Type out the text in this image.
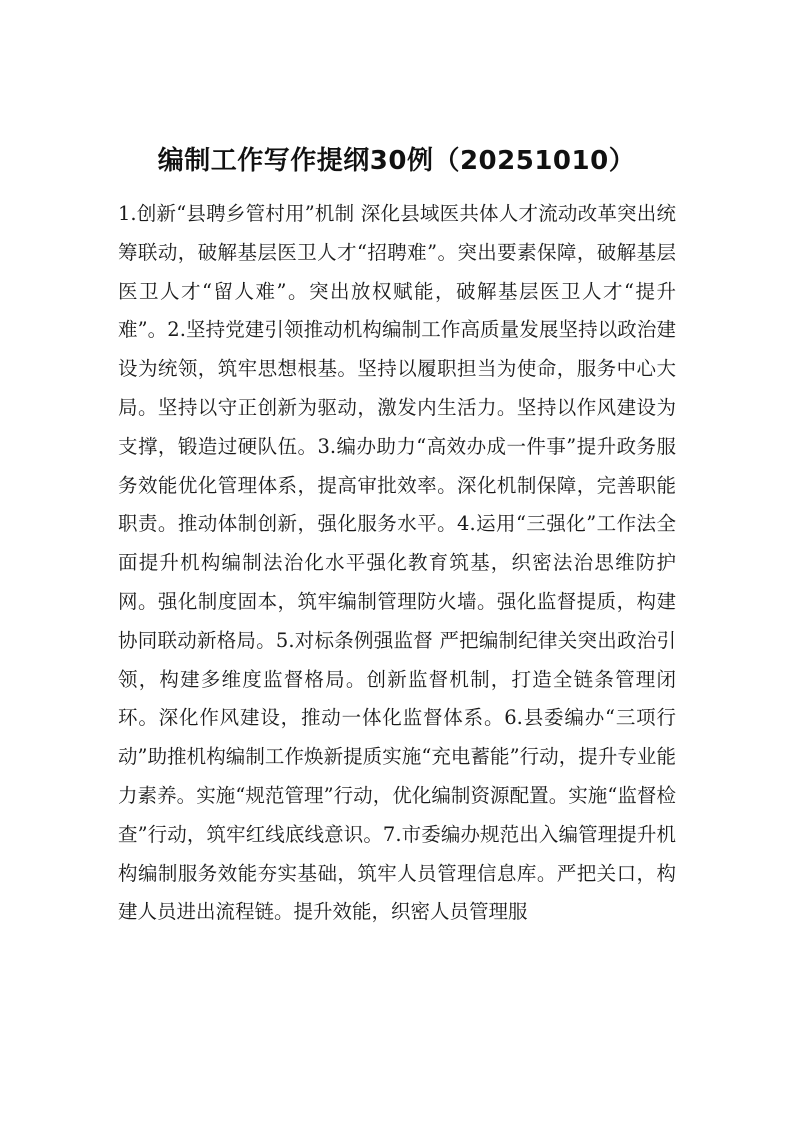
编制工作写作提纲30例（20251010）

1.创新“县聘乡管村用”机制 深化县域医共体人才流动改革突出统筹联动，破解基层医卫人才“招聘难”。突出要素保障，破解基层医卫人才“留人难”。突出放权赋能，破解基层医卫人才“提升难”。2.坚持党建引领推动机构编制工作高质量发展坚持以政治建设为统领，筑牢思想根基。坚持以履职担当为使命，服务中心大局。坚持以守正创新为驱动，激发内生活力。坚持以作风建设为支撑，锻造过硬队伍。3.编办助力“高效办成一件事”提升政务服务效能优化管理体系，提高审批效率。深化机制保障，完善职能职责。推动体制创新，强化服务水平。4.运用“三强化”工作法全面提升机构编制法治化水平强化教育筑基，织密法治思维防护网。强化制度固本，筑牢编制管理防火墙。强化监督提质，构建协同联动新格局。5.对标条例强监督 严把编制纪律关突出政治引领，构建多维度监督格局。创新监督机制，打造全链条管理闭环。深化作风建设，推动一体化监督体系。6.县委编办“三项行动”助推机构编制工作焕新提质实施“充电蓄能”行动，提升专业能力素养。实施“规范管理”行动，优化编制资源配置。实施“监督检查”行动，筑牢红线底线意识。7.市委编办规范出入编管理提升机构编制服务效能夯实基础，筑牢人员管理信息库。严把关口，构建人员进出流程链。提升效能，织密人员管理服
